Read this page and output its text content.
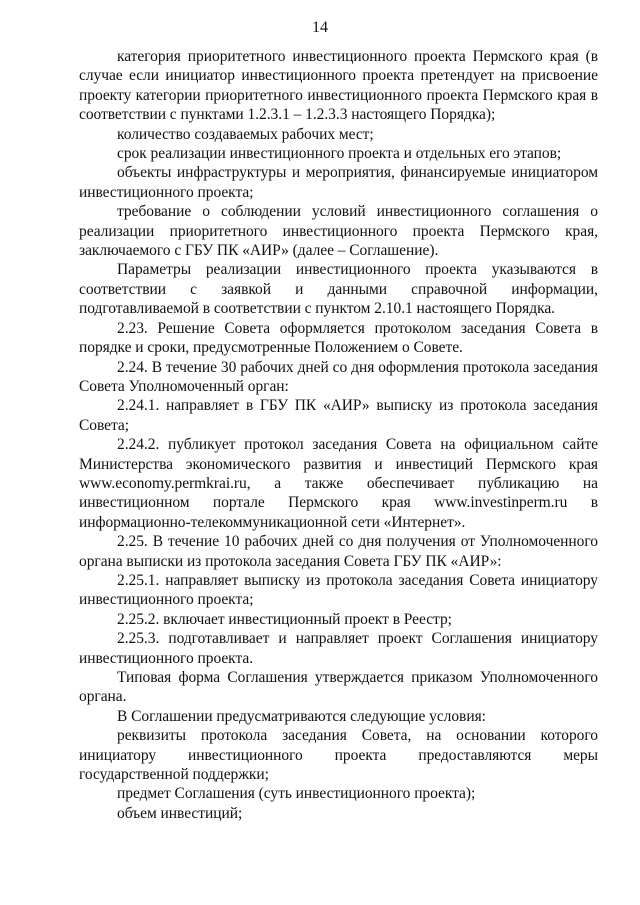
14

категория приоритетного инвестиционного проекта Пермского края (в случае если инициатор инвестиционного проекта претендует на присвоение проекту категории приоритетного инвестиционного проекта Пермского края в соответствии с пунктами 1.2.3.1 – 1.2.3.3 настоящего Порядка);

количество создаваемых рабочих мест;

срок реализации инвестиционного проекта и отдельных его этапов;

объекты инфраструктуры и мероприятия, финансируемые инициатором инвестиционного проекта;

требование о соблюдении условий инвестиционного соглашения о реализации приоритетного инвестиционного проекта Пермского края, заключаемого с ГБУ ПК «АИР» (далее – Соглашение).

Параметры реализации инвестиционного проекта указываются в соответствии с заявкой и данными справочной информации, подготавливаемой в соответствии с пунктом 2.10.1 настоящего Порядка.

2.23. Решение Совета оформляется протоколом заседания Совета в порядке и сроки, предусмотренные Положением о Совете.

2.24. В течение 30 рабочих дней со дня оформления протокола заседания Совета Уполномоченный орган:

2.24.1. направляет в ГБУ ПК «АИР» выписку из протокола заседания Совета;

2.24.2. публикует протокол заседания Совета на официальном сайте Министерства экономического развития и инвестиций Пермского края www.economy.permkrai.ru, а также обеспечивает публикацию на инвестиционном портале Пермского края www.investinperm.ru в информационно-телекоммуникационной сети «Интернет».

2.25. В течение 10 рабочих дней со дня получения от Уполномоченного органа выписки из протокола заседания Совета ГБУ ПК «АИР»:

2.25.1. направляет выписку из протокола заседания Совета инициатору инвестиционного проекта;

2.25.2. включает инвестиционный проект в Реестр;

2.25.3. подготавливает и направляет проект Соглашения инициатору инвестиционного проекта.

Типовая форма Соглашения утверждается приказом Уполномоченного органа.

В Соглашении предусматриваются следующие условия:

реквизиты протокола заседания Совета, на основании которого инициатору инвестиционного проекта предоставляются меры государственной поддержки;

предмет Соглашения (суть инвестиционного проекта);

объем инвестиций;
